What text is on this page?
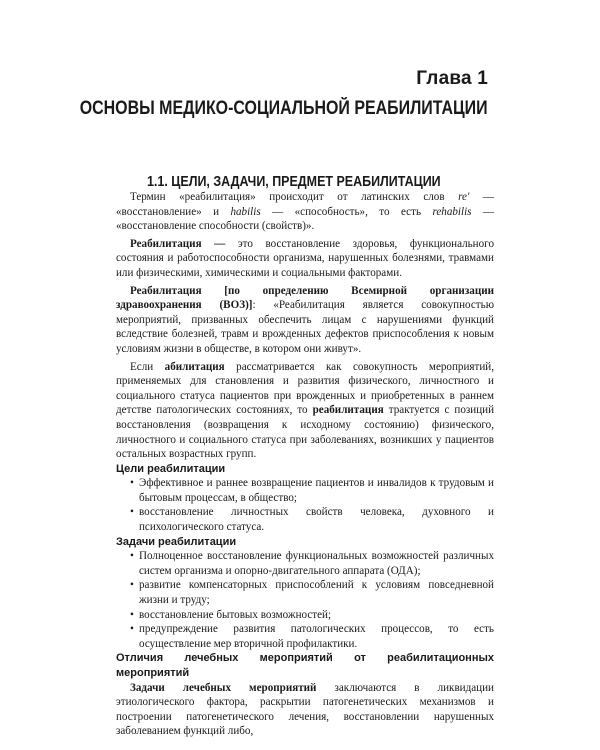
Глава 1
ОСНОВЫ МЕДИКО-СОЦИАЛЬНОЙ РЕАБИЛИТАЦИИ
1.1. ЦЕЛИ, ЗАДАЧИ, ПРЕДМЕТ РЕАБИЛИТАЦИИ

Термин «реабилитация» происходит от латинских слов re' — «восстановление» и habilis — «способность», то есть rehabilis — «восстановление способности (свойств)».

Реабилитация — это восстановление здоровья, функционального состояния и работоспособности организма, нарушенных болезнями, травмами или физическими, химическими и социальными факторами.

Реабилитация [по определению Всемирной организации здравоохранения (ВОЗ)]: «Реабилитация является совокупностью мероприятий, призванных обеспечить лицам с нарушениями функций вследствие болезней, травм и врожденных дефектов приспособления к новым условиям жизни в обществе, в котором они живут».

Если абилитация рассматривается как совокупность мероприятий, применяемых для становления и развития физического, личностного и социального статуса пациентов при врожденных и приобретенных в раннем детстве патологических состояниях, то реабилитация трактуется с позиций восстановления (возвращения к исходному состоянию) физического, личностного и социального статуса при заболеваниях, возникших у пациентов остальных возрастных групп.

Цели реабилитации

• Эффективное и раннее возвращение пациентов и инвалидов к трудовым и бытовым процессам, в общество;
• восстановление личностных свойств человека, духовного и психологического статуса.

Задачи реабилитации

• Полноценное восстановление функциональных возможностей различных систем организма и опорно-двигательного аппарата (ОДА);
• развитие компенсаторных приспособлений к условиям повседневной жизни и труду;
• восстановление бытовых возможностей;
• предупреждение развития патологических процессов, то есть осуществление мер вторичной профилактики.

Отличия лечебных мероприятий от реабилитационных мероприятий

Задачи лечебных мероприятий заключаются в ликвидации этиологического фактора, раскрытии патогенетических механизмов и построении патогенетического лечения, восстановлении нарушенных заболеванием функций либо,
